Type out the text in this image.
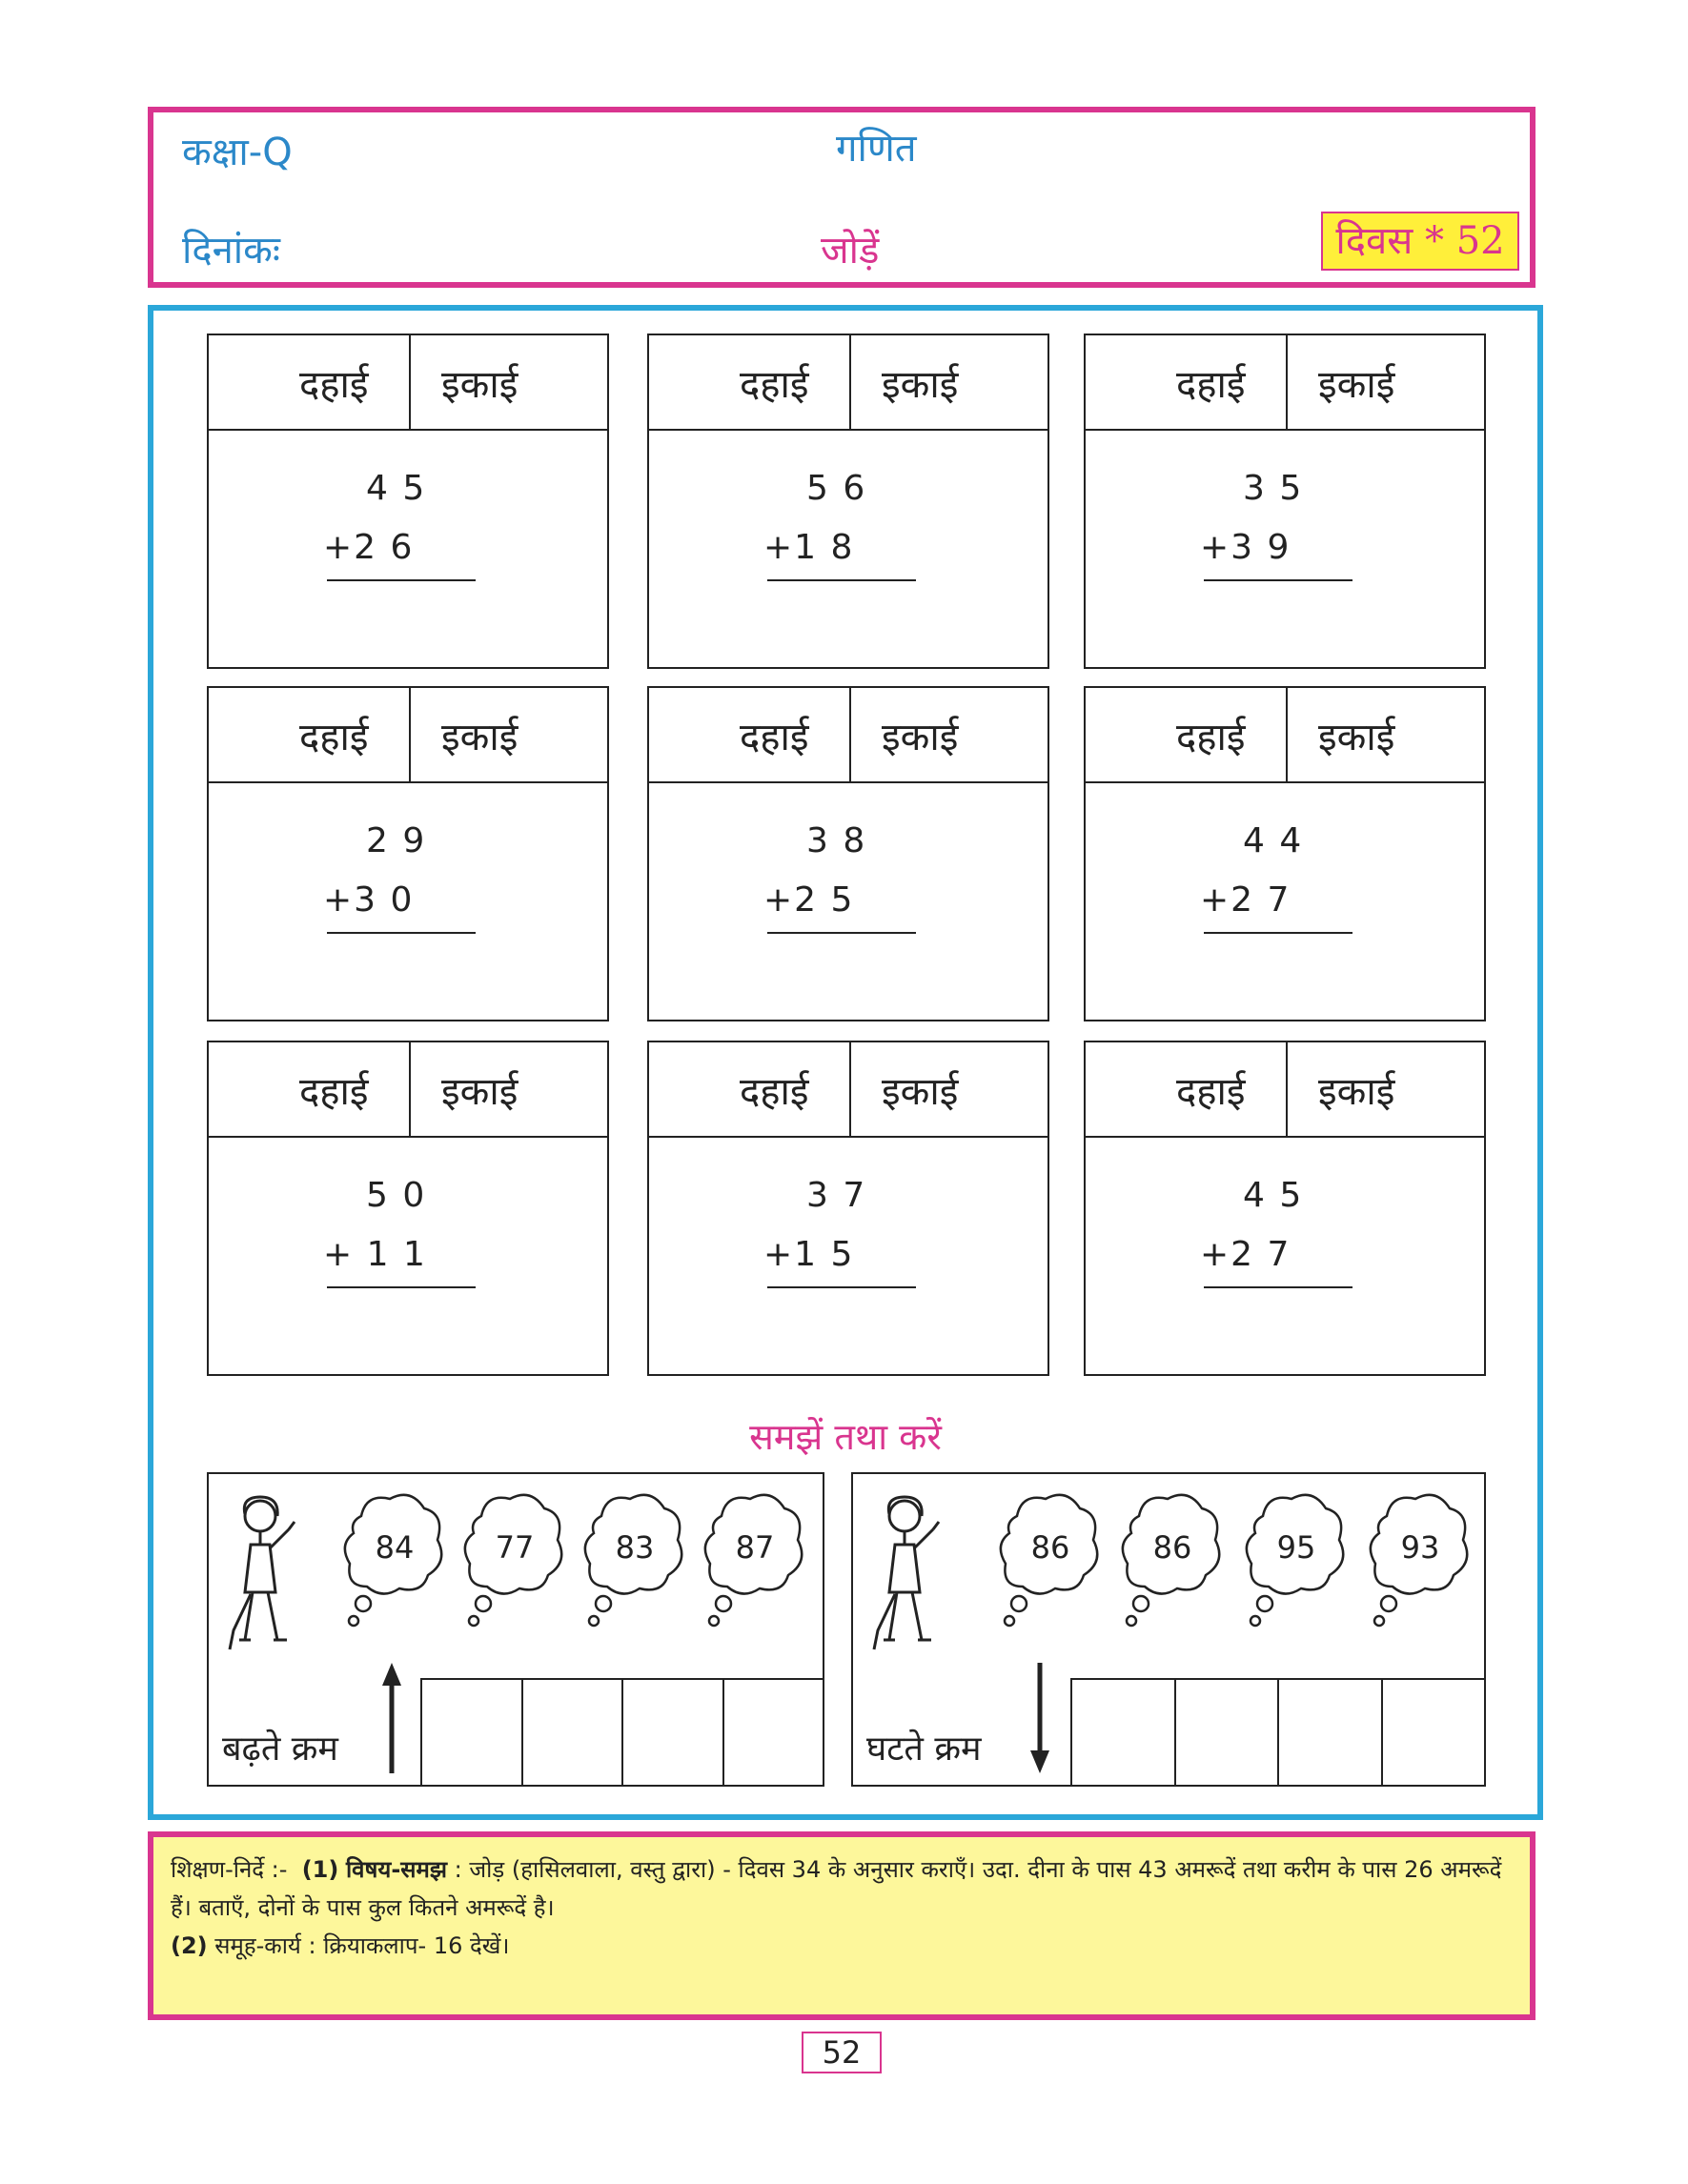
कक्षा-Q	गणित
दिनांकः	जोड़ें	दिवस * 52
दहाई इकाई
4 5
+2 6
दहाई इकाई
5 6
+1 8
दहाई इकाई
3 5
+3 9
दहाई इकाई
2 9
+3 0
दहाई इकाई
3 8
+2 5
दहाई इकाई
4 4
+2 7
दहाई इकाई
5 0
+ 1 1
दहाई इकाई
3 7
+1 5
दहाई इकाई
4 5
+2 7
समझें तथा करें
84	77	83	87
बढ़ते क्रम
86	86	95	93
घटते क्रम
शिक्षण-निर्दे :- (1) विषय-समझ : जोड़ (हासिलवाला, वस्तु द्वारा) - दिवस 34 के अनुसार कराएँ। उदा. दीना के पास 43 अमरूदें तथा करीम के पास 26 अमरूदें हैं। बताएँ, दोनों के पास कुल कितने अमरूदें है।
(2) समूह-कार्य : क्रियाकलाप- 16 देखें।
52
